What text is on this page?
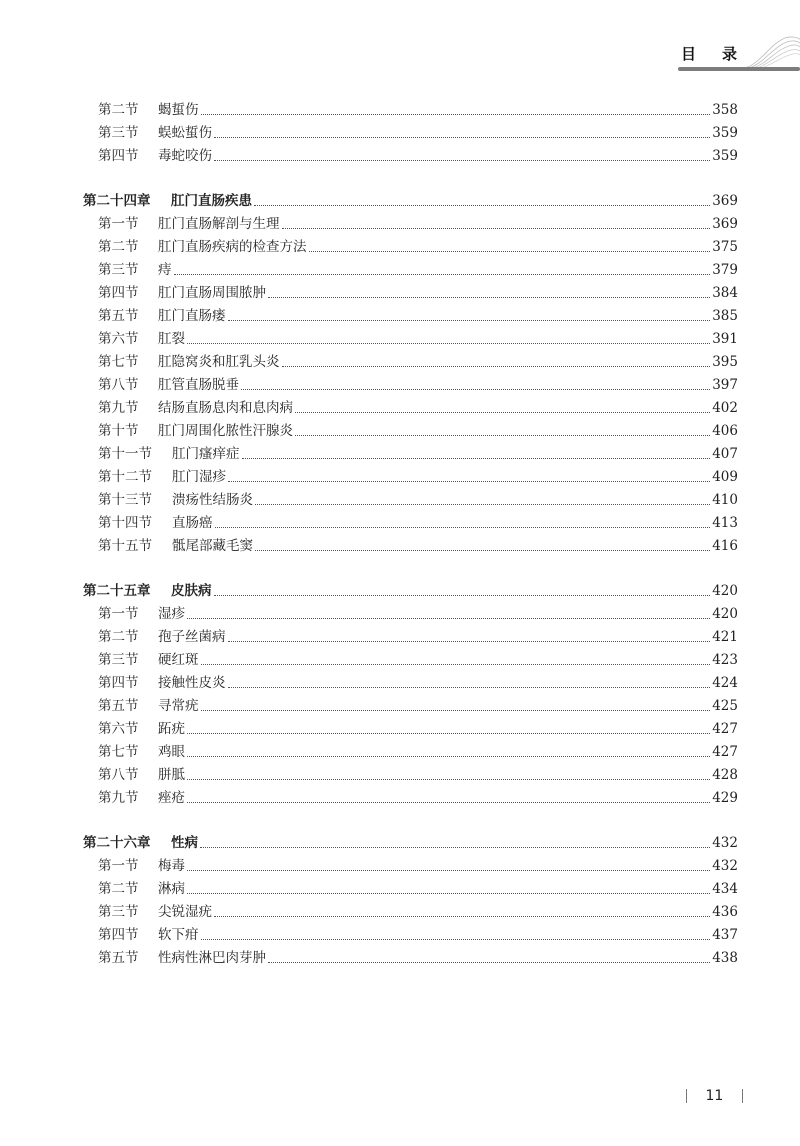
目录
第二节	蝎蜇伤	358
第三节	蜈蚣蜇伤	359
第四节	毒蛇咬伤	359
第二十四章	肛门直肠疾患	369
第一节	肛门直肠解剖与生理	369
第二节	肛门直肠疾病的检查方法	375
第三节	痔	379
第四节	肛门直肠周围脓肿	384
第五节	肛门直肠瘘	385
第六节	肛裂	391
第七节	肛隐窝炎和肛乳头炎	395
第八节	肛管直肠脱垂	397
第九节	结肠直肠息肉和息肉病	402
第十节	肛门周围化脓性汗腺炎	406
第十一节	肛门瘙痒症	407
第十二节	肛门湿疹	409
第十三节	溃疡性结肠炎	410
第十四节	直肠癌	413
第十五节	骶尾部藏毛窦	416
第二十五章	皮肤病	420
第一节	湿疹	420
第二节	孢子丝菌病	421
第三节	硬红斑	423
第四节	接触性皮炎	424
第五节	寻常疣	425
第六节	跖疣	427
第七节	鸡眼	427
第八节	胼胝	428
第九节	痤疮	429
第二十六章	性病	432
第一节	梅毒	432
第二节	淋病	434
第三节	尖锐湿疣	436
第四节	软下疳	437
第五节	性病性淋巴肉芽肿	438
11
